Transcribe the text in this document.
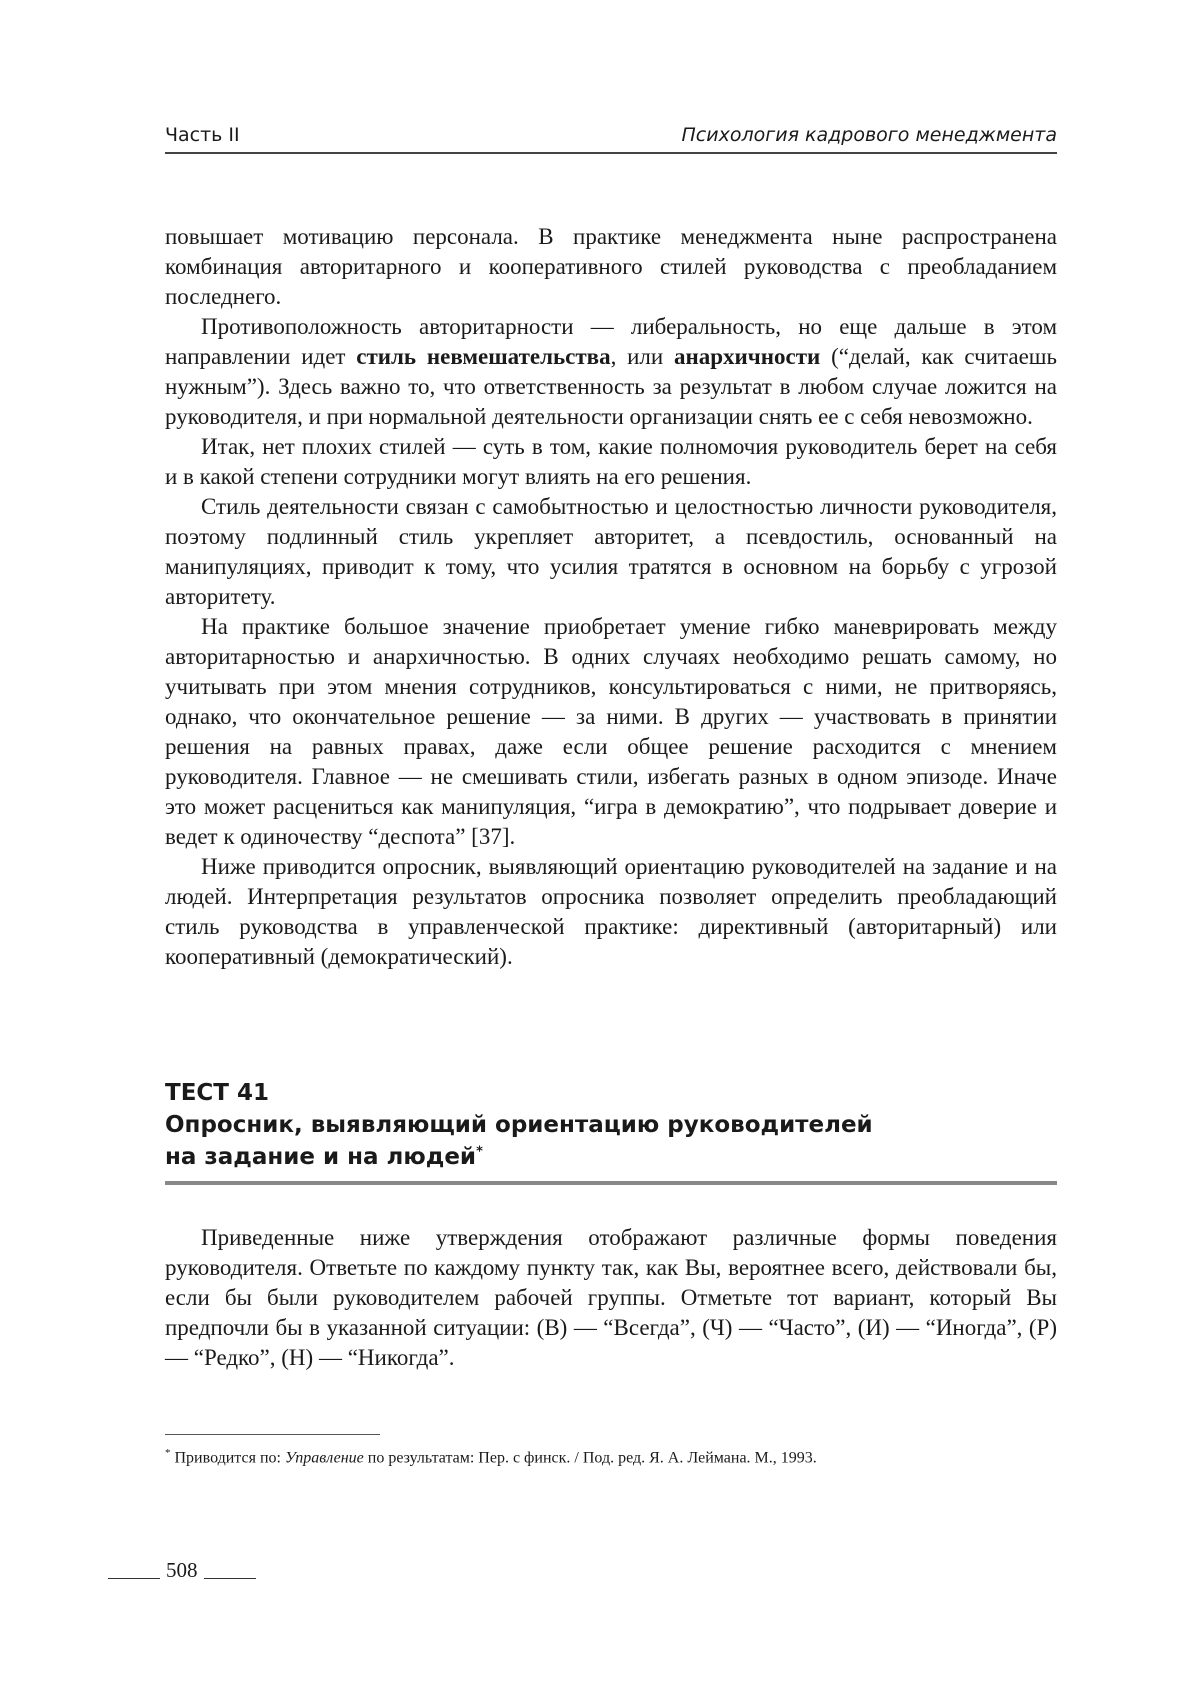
Часть II	Психология кадрового менеджмента

повышает мотивацию персонала. В практике менеджмента ныне распространена комбинация авторитарного и кооперативного стилей руководства с преобладанием последнего.

Противоположность авторитарности — либеральность, но еще дальше в этом направлении идет стиль невмешательства, или анархичности (“делай, как считаешь нужным”). Здесь важно то, что ответственность за результат в любом случае ложится на руководителя, и при нормальной деятельности организации снять ее с себя невозможно.

Итак, нет плохих стилей — суть в том, какие полномочия руководитель берет на себя и в какой степени сотрудники могут влиять на его решения.

Стиль деятельности связан с самобытностью и целостностью личности руководителя, поэтому подлинный стиль укрепляет авторитет, а псевдостиль, основанный на манипуляциях, приводит к тому, что усилия тратятся в основном на борьбу с угрозой авторитету.

На практике большое значение приобретает умение гибко маневрировать между авторитарностью и анархичностью. В одних случаях необходимо решать самому, но учитывать при этом мнения сотрудников, консультироваться с ними, не притворяясь, однако, что окончательное решение — за ними. В других — участвовать в принятии решения на равных правах, даже если общее решение расходится с мнением руководителя. Главное — не смешивать стили, избегать разных в одном эпизоде. Иначе это может расцениться как манипуляция, “игра в демократию”, что подрывает доверие и ведет к одиночеству “деспота” [37].

Ниже приводится опросник, выявляющий ориентацию руководителей на задание и на людей. Интерпретация результатов опросника позволяет определить преобладающий стиль руководства в управленческой практике: директивный (авторитарный) или кооперативный (демократический).

ТЕСТ 41
Опросник, выявляющий ориентацию руководителей
на задание и на людей*

Приведенные ниже утверждения отображают различные формы поведения руководителя. Ответьте по каждому пункту так, как Вы, вероятнее всего, действовали бы, если бы были руководителем рабочей группы. Отметьте тот вариант, который Вы предпочли бы в указанной ситуации: (В) — “Всегда”, (Ч) — “Часто”, (И) — “Иногда”, (Р) — “Редко”, (Н) — “Никогда”.

* Приводится по: Управление по результатам: Пер. с финск. / Под. ред. Я. А. Леймана. М., 1993.
508
